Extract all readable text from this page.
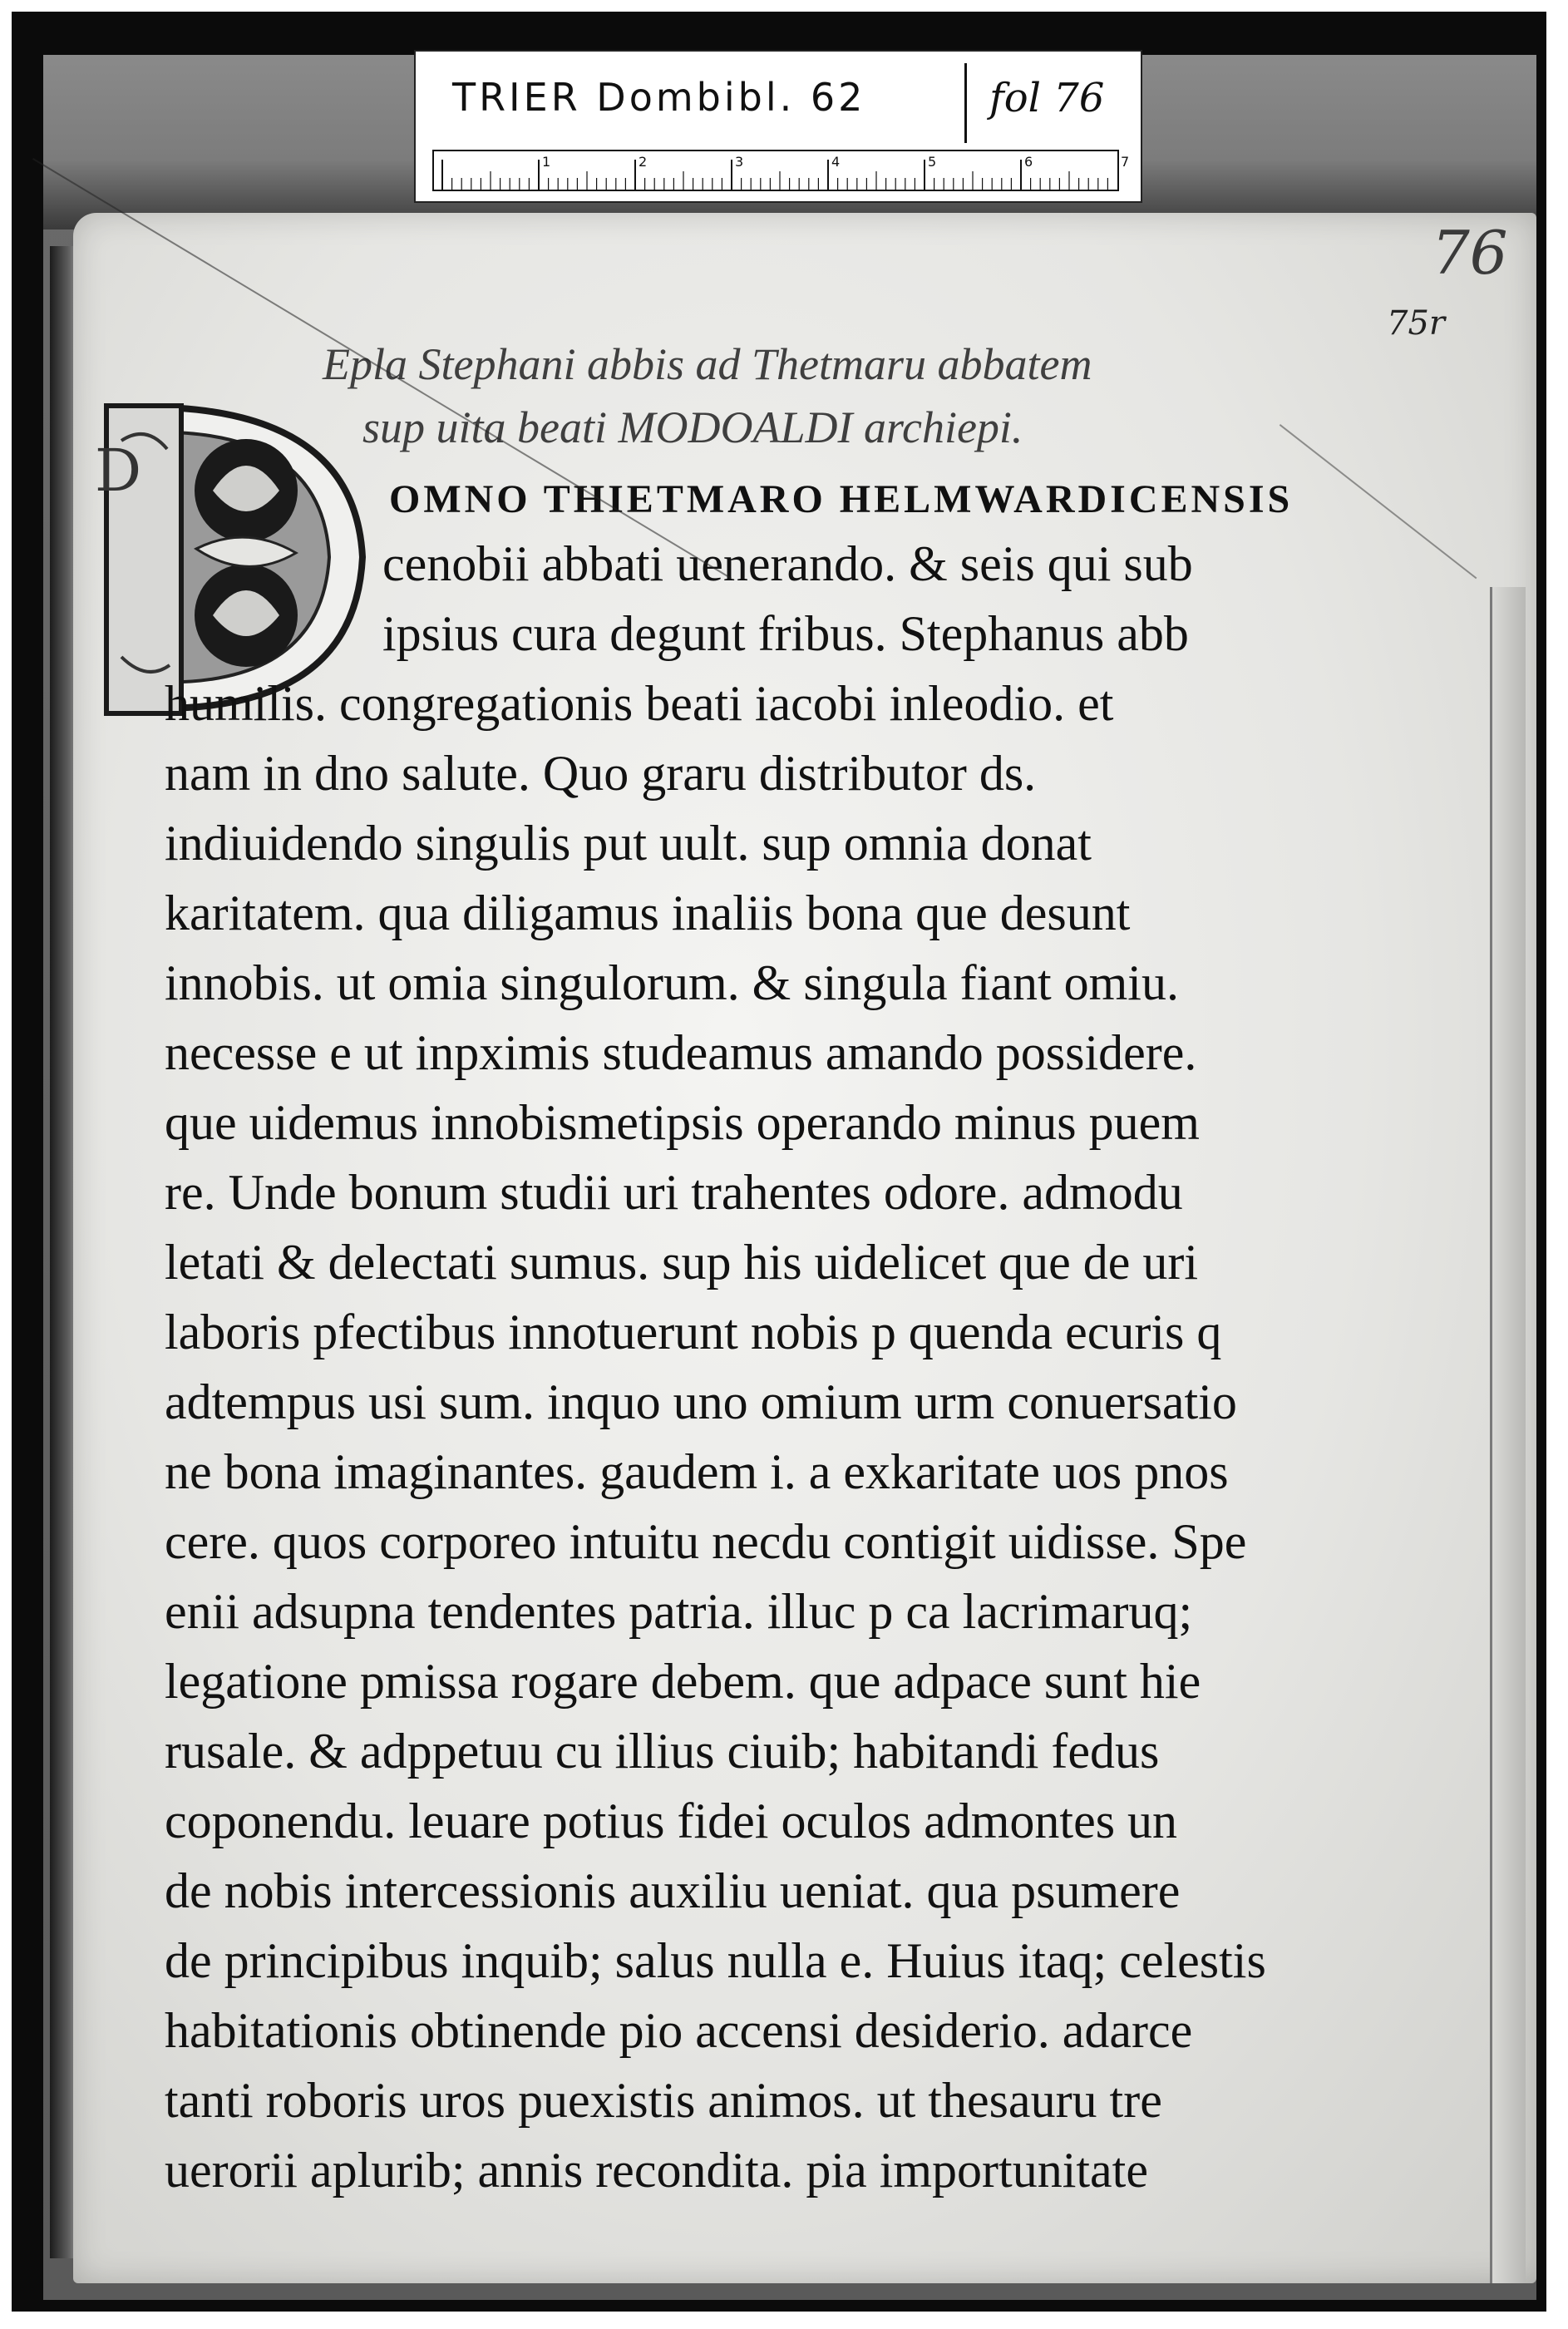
TRIER Dombibl. 62	fol 76
1	2	3	4	5	6	7
76
75r
D
Epla Stephani abbis ad Thetmaru abbatem
sup uita beati MODOALDI archiepi.
OMNO THIETMARO HELMWARDICENSIS
cenobii abbati uenerando. & seis qui sub
ipsius cura degunt fribus. Stephanus abb
humilis. congregationis beati iacobi inleodio. et
nam in dno salute. Quo graru distributor ds.
indiuidendo singulis put uult. sup omnia donat
karitatem. qua diligamus inaliis bona que desunt
innobis. ut omia singulorum. & singula fiant omiu.
necesse e ut inpximis studeamus amando possidere.
que uidemus innobismetipsis operando minus puem
re. Unde bonum studii uri trahentes odore. admodu
letati & delectati sumus. sup his uidelicet que de uri
laboris pfectibus innotuerunt nobis p quenda ecuris q
adtempus usi sum. inquo uno omium urm conuersatio
ne bona imaginantes. gaudem i. a exkaritate uos pnos
cere. quos corporeo intuitu necdu contigit uidisse. Spe
enii adsupna tendentes patria. illuc p ca lacrimaruq;
legatione pmissa rogare debem. que adpace sunt hie
rusale. & adppetuu cu illius ciuib; habitandi fedus
coponendu. leuare potius fidei oculos admontes un
de nobis intercessionis auxiliu ueniat. qua psumere
de principibus inquib; salus nulla e. Huius itaq; celestis
habitationis obtinende pio accensi desiderio. adarce
tanti roboris uros puexistis animos. ut thesauru tre
uerorii aplurib; annis recondita. pia importunitate
